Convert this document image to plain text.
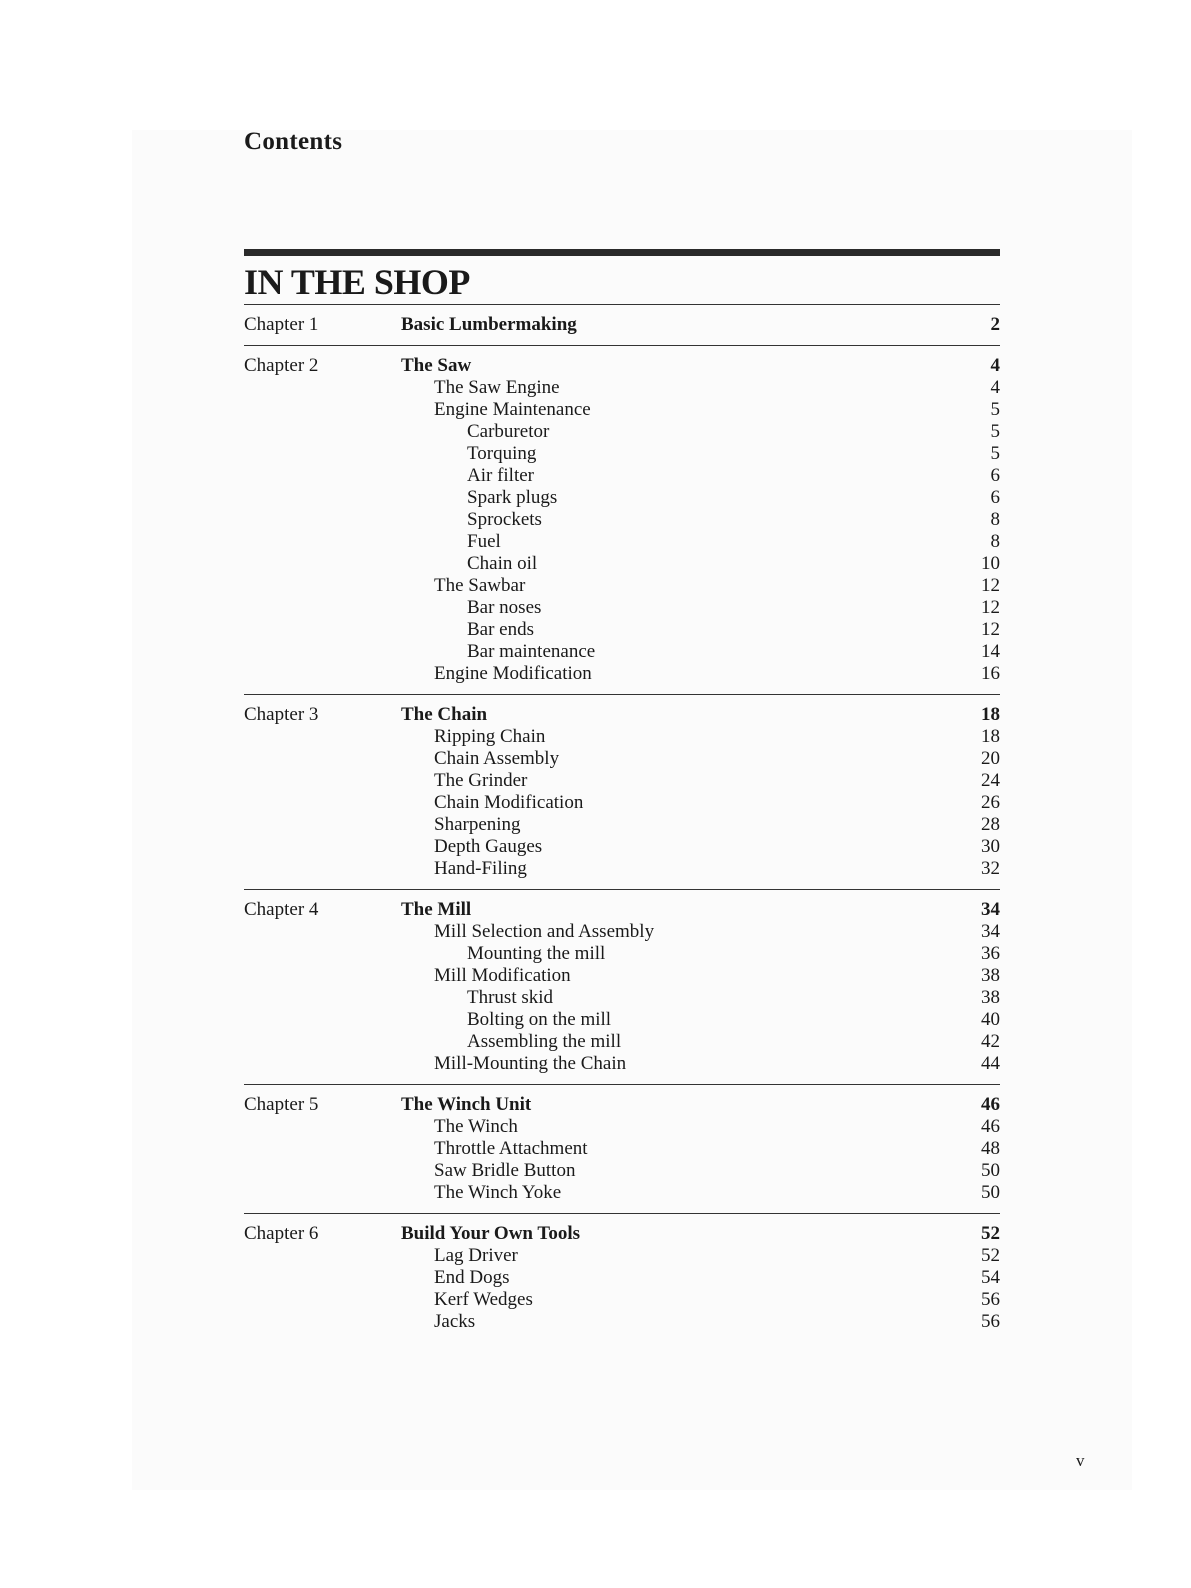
Contents
IN THE SHOP
Chapter 1	Basic Lumbermaking	2
Chapter 2	The Saw	4
The Saw Engine	4
Engine Maintenance	5
Carburetor	5
Torquing	5
Air filter	6
Spark plugs	6
Sprockets	8
Fuel	8
Chain oil	10
The Sawbar	12
Bar noses	12
Bar ends	12
Bar maintenance	14
Engine Modification	16
Chapter 3	The Chain	18
Ripping Chain	18
Chain Assembly	20
The Grinder	24
Chain Modification	26
Sharpening	28
Depth Gauges	30
Hand-Filing	32
Chapter 4	The Mill	34
Mill Selection and Assembly	34
Mounting the mill	36
Mill Modification	38
Thrust skid	38
Bolting on the mill	40
Assembling the mill	42
Mill-Mounting the Chain	44
Chapter 5	The Winch Unit	46
The Winch	46
Throttle Attachment	48
Saw Bridle Button	50
The Winch Yoke	50
Chapter 6	Build Your Own Tools	52
Lag Driver	52
End Dogs	54
Kerf Wedges	56
Jacks	56
v
